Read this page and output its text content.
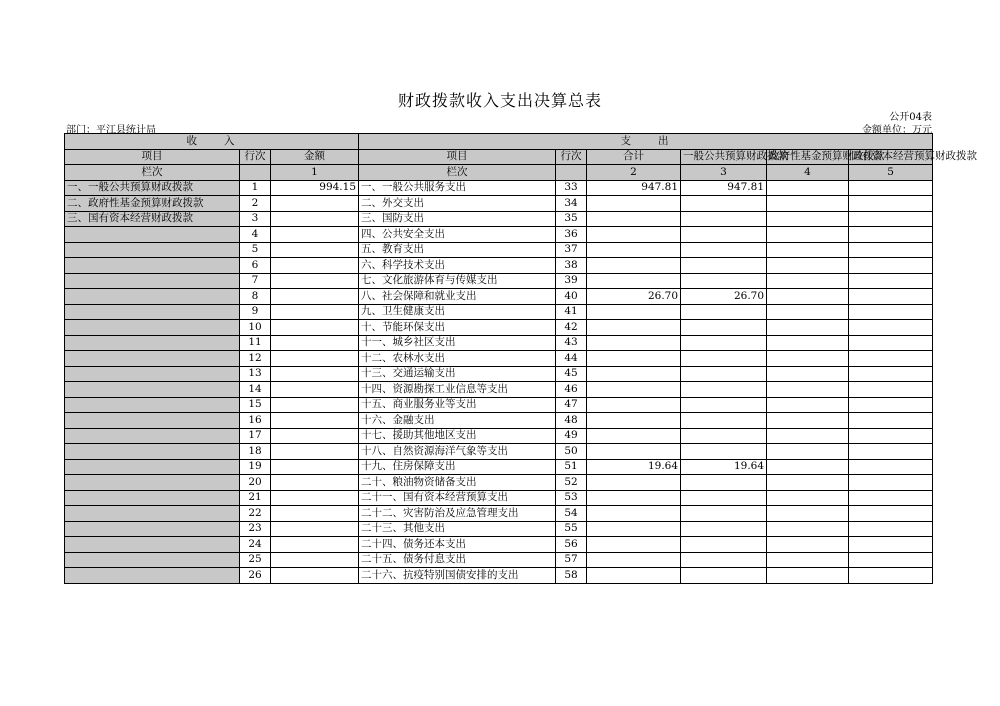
财政拨款收入支出决算总表
公开04表
部门：平江县统计局	金额单位：万元
收　　入			支　　出					
项目	行次	金额	项目	行次	合计	一般公共预算财政拨款	政府性基金预算财政拨款	国有资本经营预算财政拨款
栏次		1	栏次		2	3	4	5
一、一般公共预算财政拨款	1	994.15	一、一般公共服务支出	33	947.81	947.81		
二、政府性基金预算财政拨款	2		二、外交支出	34				
三、国有资本经营财政拨款	3		三、国防支出	35				
	4		四、公共安全支出	36				
	5		五、教育支出	37				
	6		六、科学技术支出	38				
	7		七、文化旅游体育与传媒支出	39				
	8		八、社会保障和就业支出	40	26.70	26.70		
	9		九、卫生健康支出	41				
	10		十、节能环保支出	42				
	11		十一、城乡社区支出	43				
	12		十二、农林水支出	44				
	13		十三、交通运输支出	45				
	14		十四、资源勘探工业信息等支出	46				
	15		十五、商业服务业等支出	47				
	16		十六、金融支出	48				
	17		十七、援助其他地区支出	49				
	18		十八、自然资源海洋气象等支出	50				
	19		十九、住房保障支出	51	19.64	19.64		
	20		二十、粮油物资储备支出	52				
	21		二十一、国有资本经营预算支出	53				
	22		二十二、灾害防治及应急管理支出	54				
	23		二十三、其他支出	55				
	24		二十四、债务还本支出	56				
	25		二十五、债务付息支出	57				
	26		二十六、抗疫特别国债安排的支出	58				
